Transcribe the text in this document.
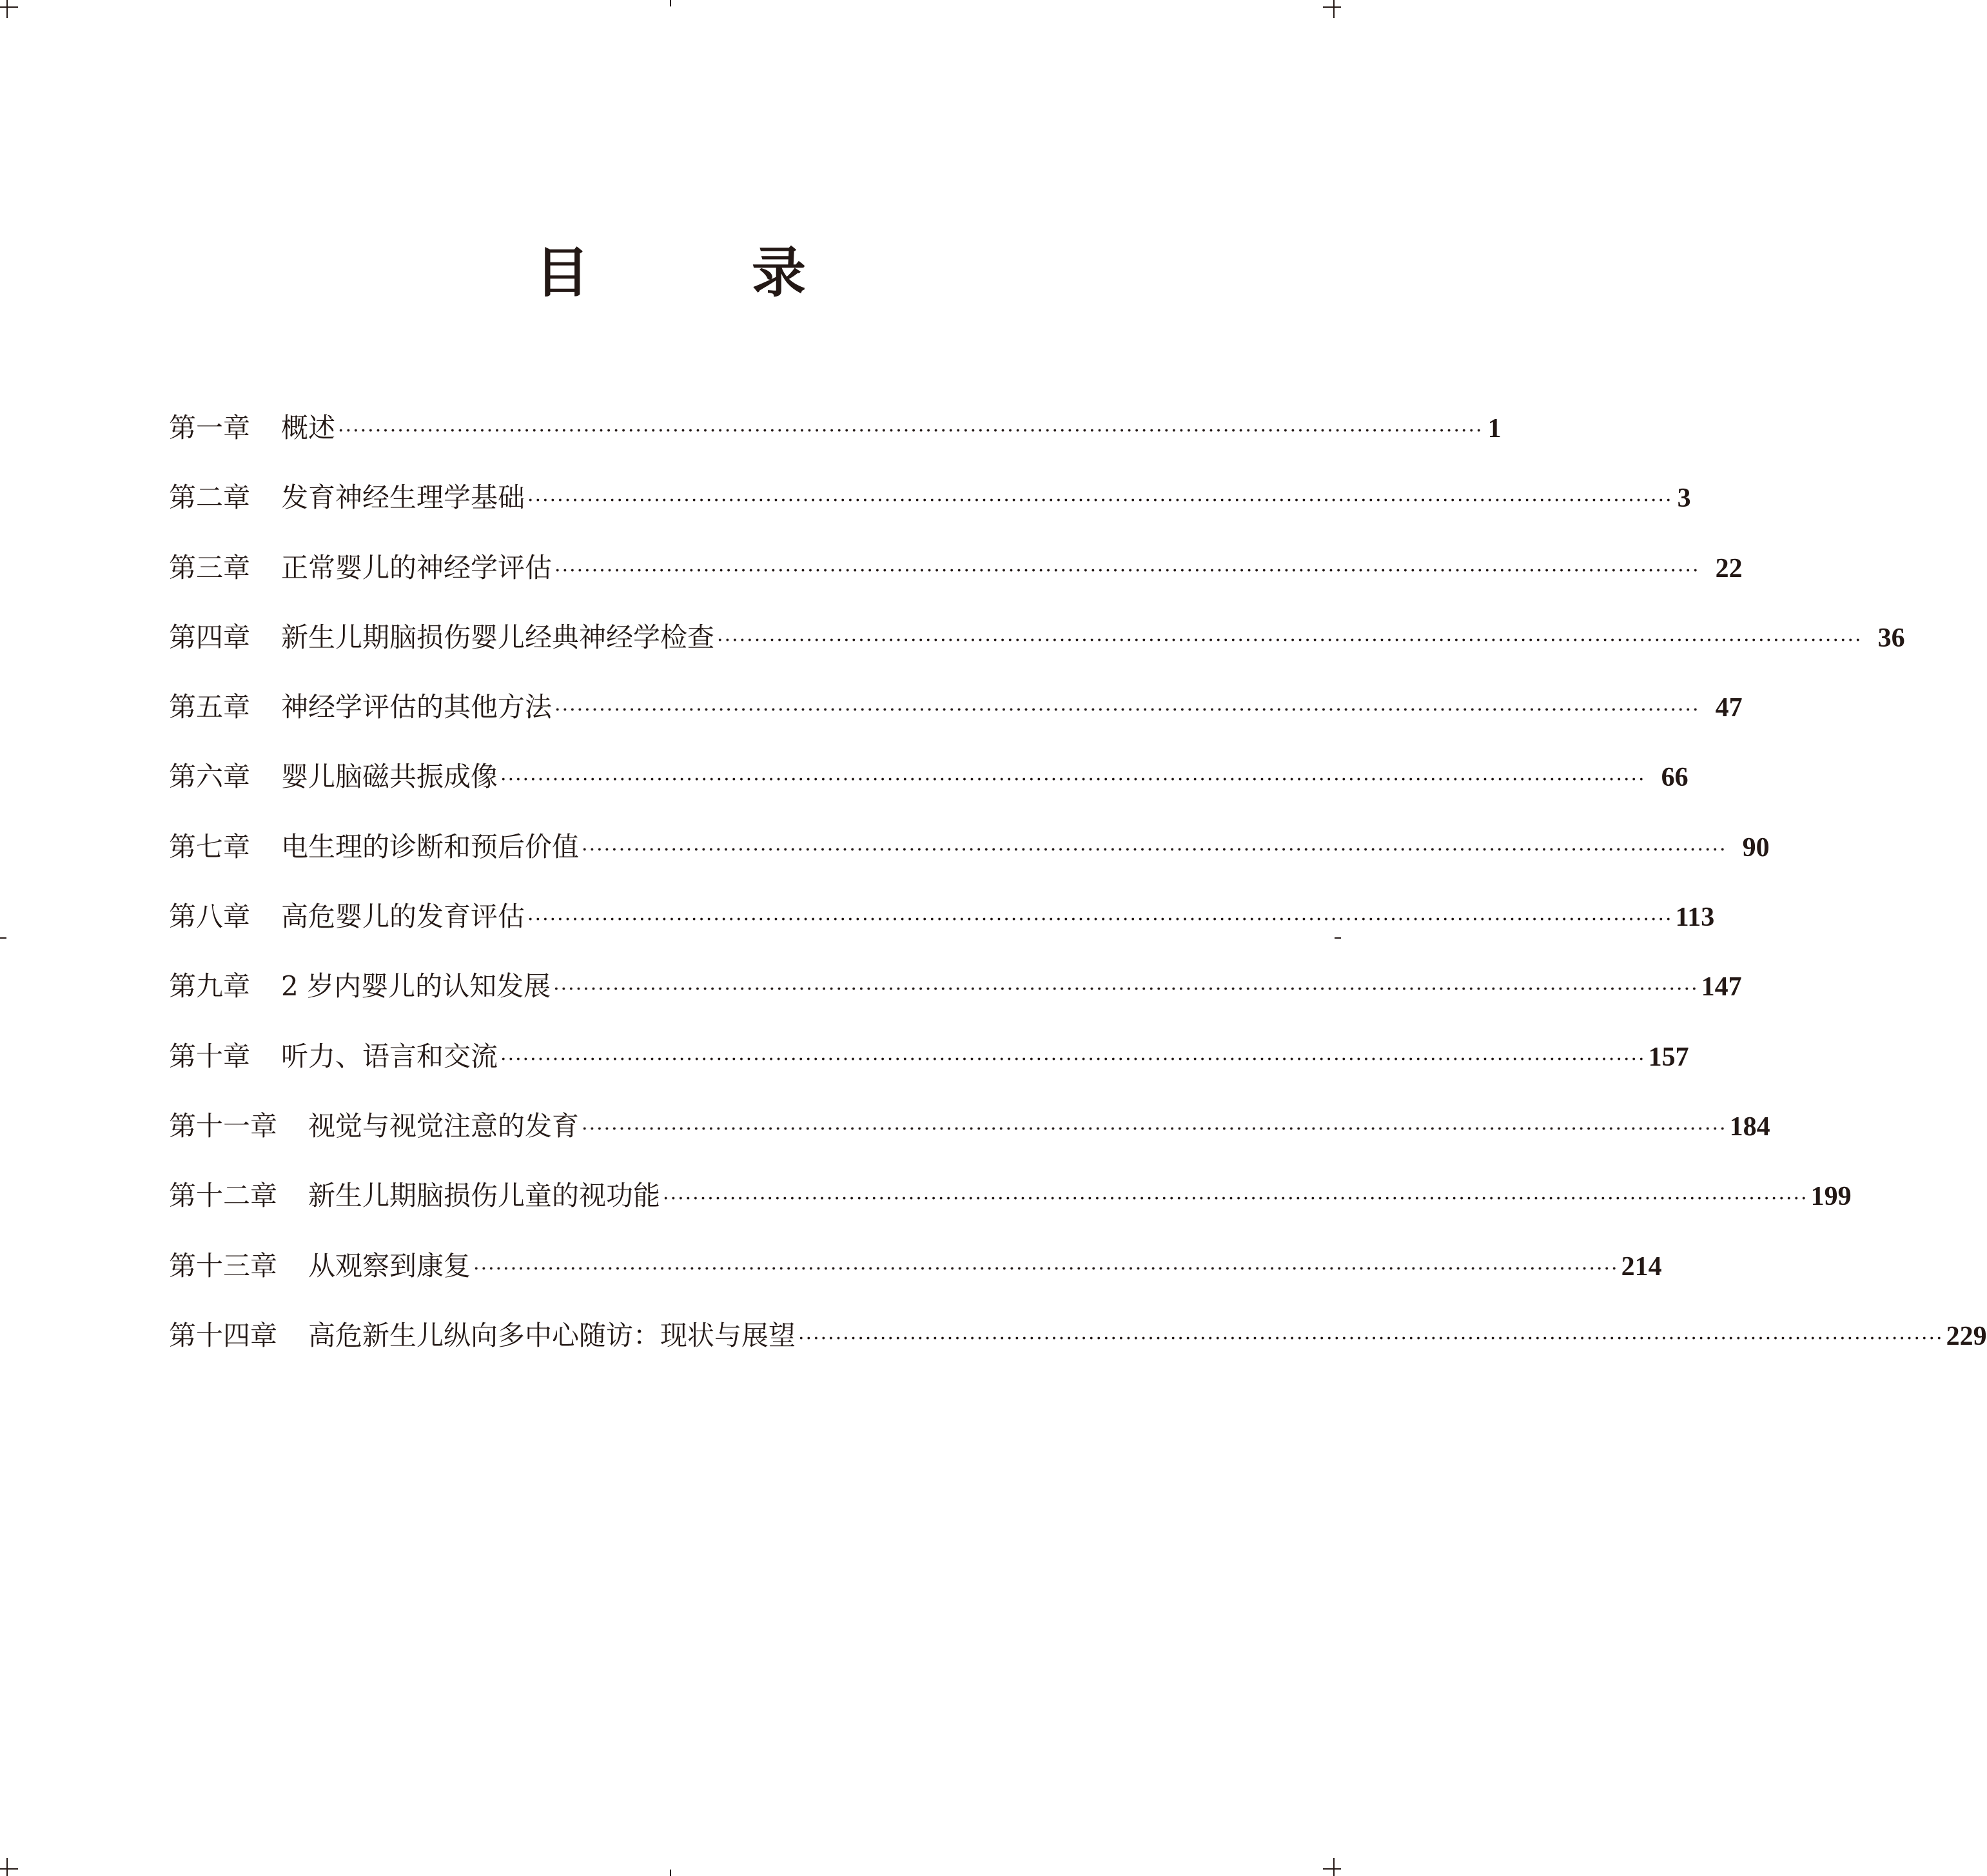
目　录
第一章 概述 ·························································································································································· 1
第二章 发育神经生理学基础 ·························································································································································· 3
第三章 正常婴儿的神经学评估 ·························································································································································· 22
第四章 新生儿期脑损伤婴儿经典神经学检查 ·························································································································································· 36
第五章 神经学评估的其他方法 ·························································································································································· 47
第六章 婴儿脑磁共振成像 ·························································································································································· 66
第七章 电生理的诊断和预后价值 ·························································································································································· 90
第八章 高危婴儿的发育评估 ·························································································································································· 113
第九章 2 岁内婴儿的认知发展 ·························································································································································· 147
第十章 听力、语言和交流 ·························································································································································· 157
第十一章 视觉与视觉注意的发育 ·························································································································································· 184
第十二章 新生儿期脑损伤儿童的视功能 ·························································································································································· 199
第十三章 从观察到康复 ·························································································································································· 214
第十四章 高危新生儿纵向多中心随访：现状与展望 ·························································································································································· 229
